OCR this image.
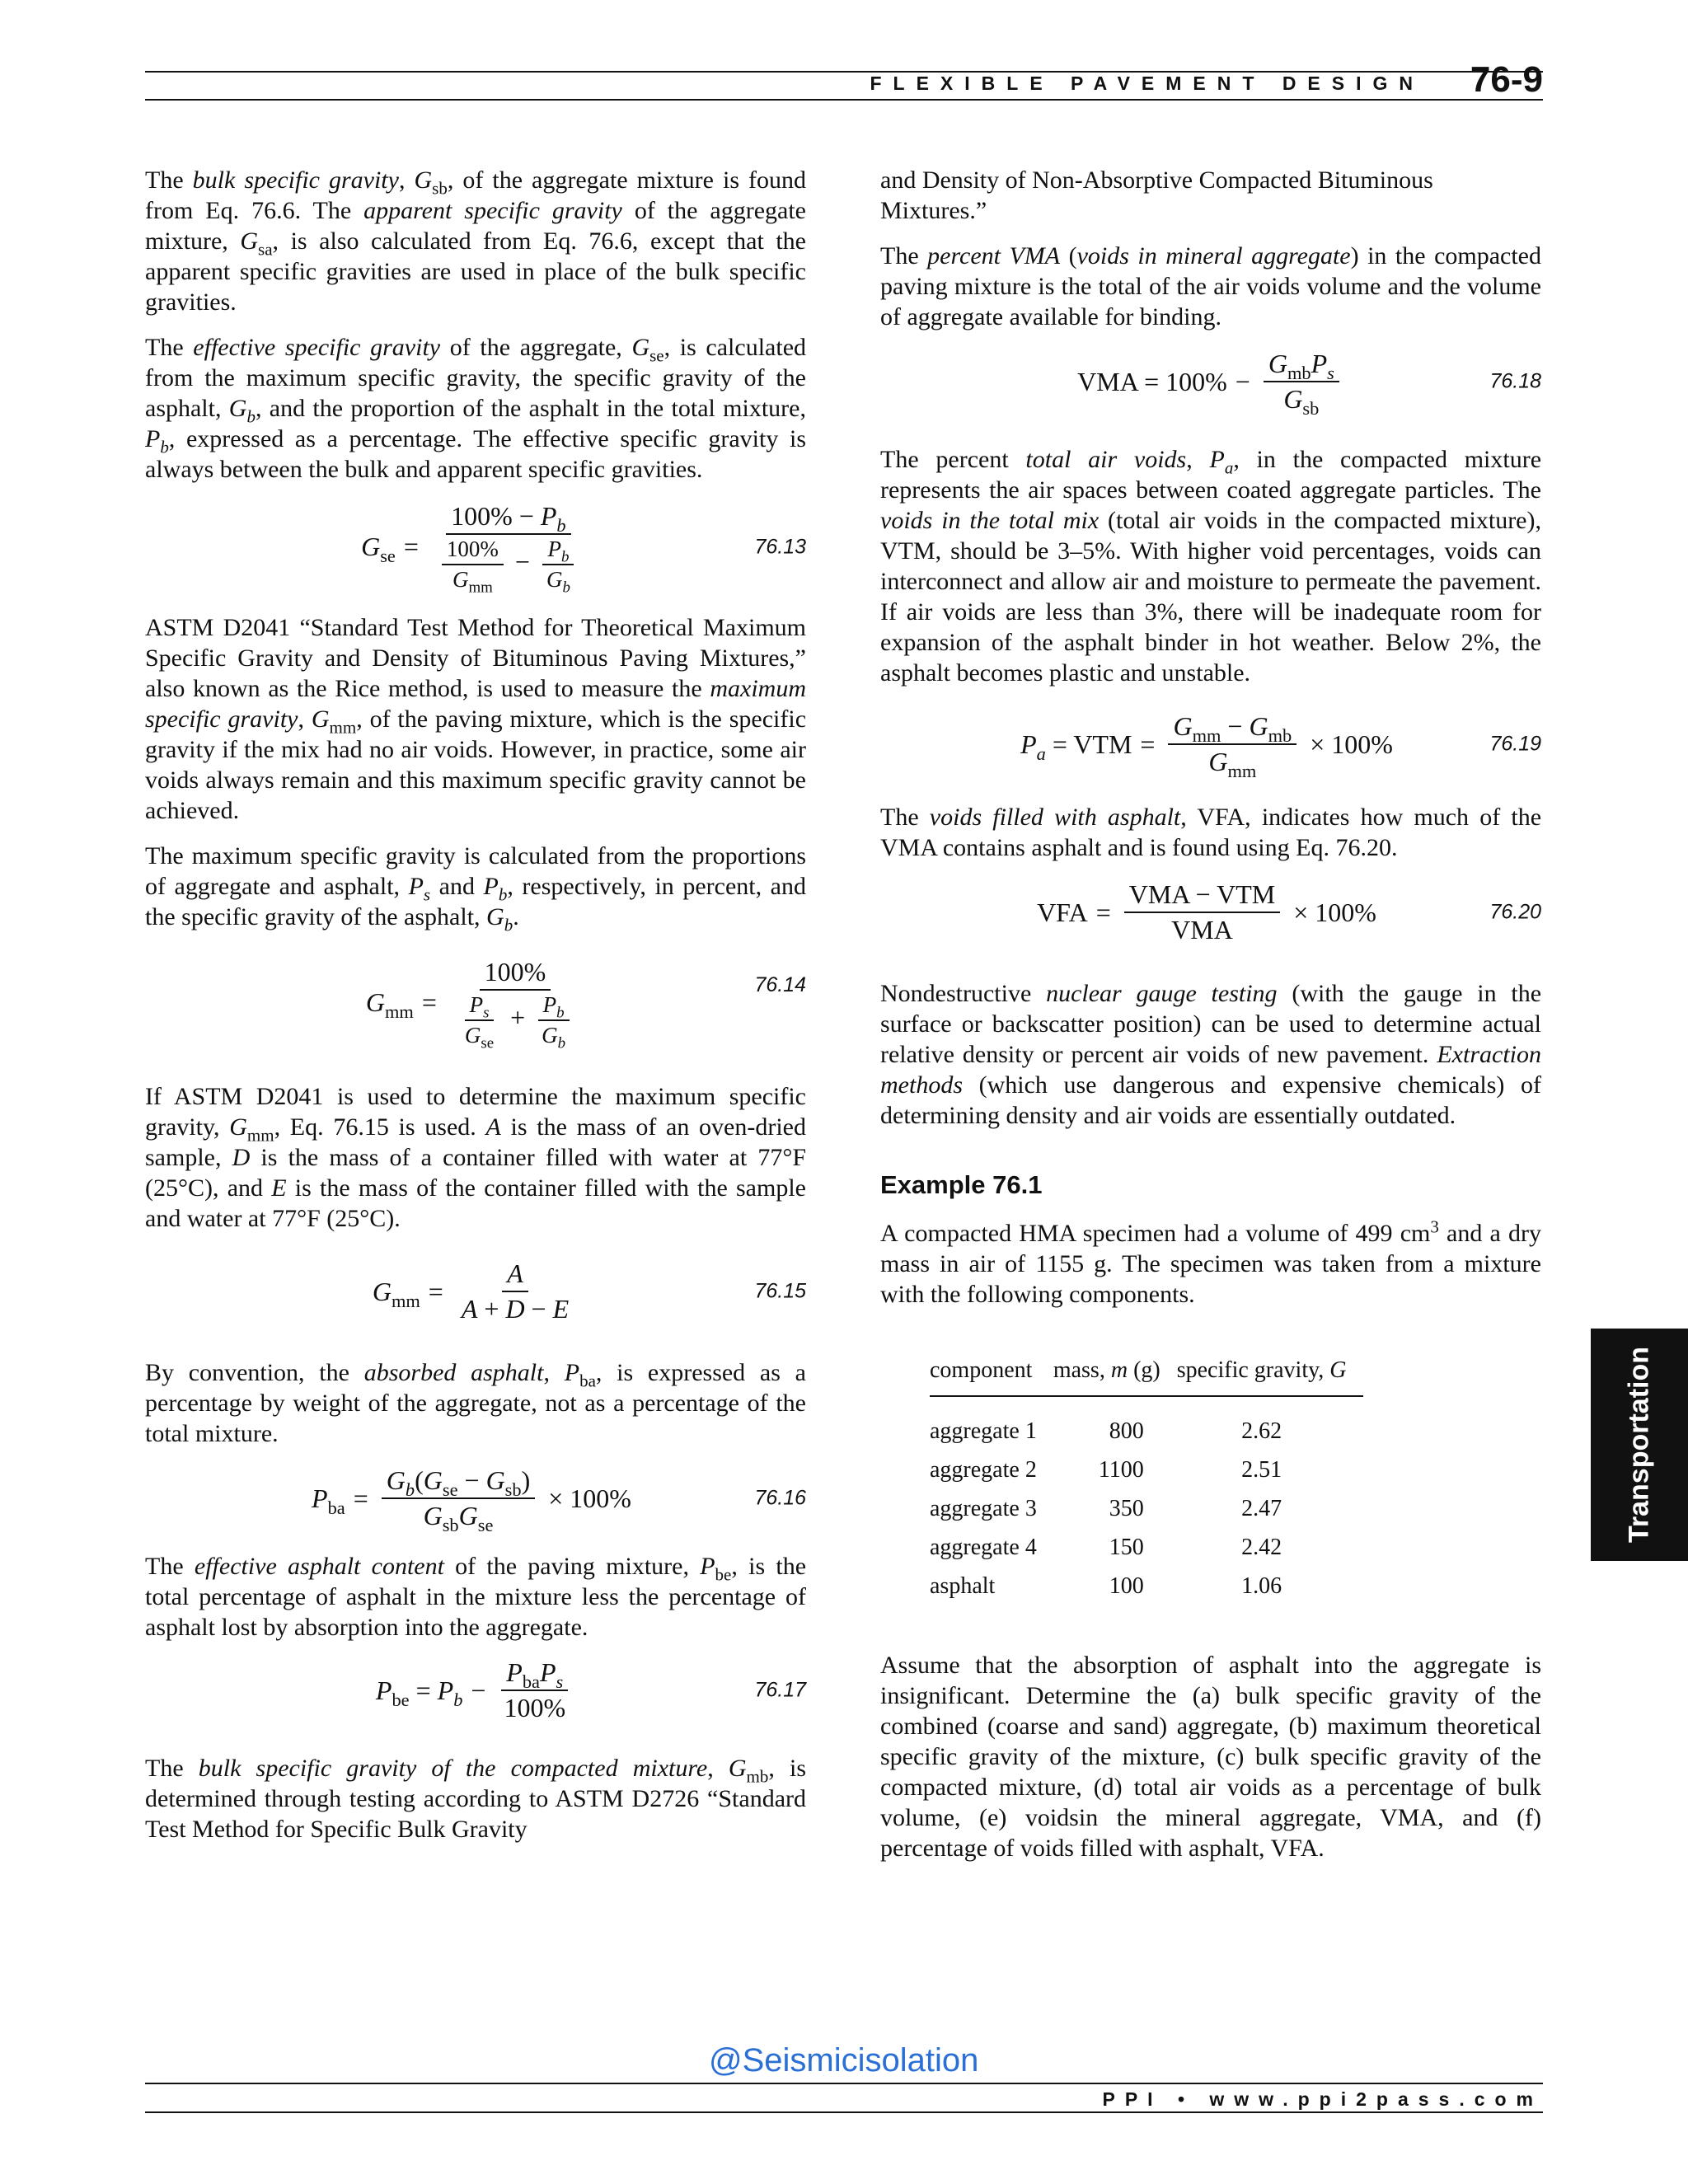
FLEXIBLE PAVEMENT DESIGN 76-9

The bulk specific gravity, $G_{sb}$, of the aggregate mixture is found from Eq. 76.6. The apparent specific gravity of the aggregate mixture, $G_{sa}$, is also calculated from Eq. 76.6, except that the apparent specific gravities are used in place of the bulk specific gravities.

The effective specific gravity of the aggregate, $G_{se}$, is calculated from the maximum specific gravity, the specific gravity of the asphalt, $G_b$, and the proportion of the asphalt in the total mixture, $P_b$, expressed as a percentage. The effective specific gravity is always between the bulk and apparent specific gravities.

$G_{se} = \frac{100\% - P_b}{\frac{100\%}{G_{mm}} - \frac{P_b}{G_b}}$	76.13

ASTM D2041 “Standard Test Method for Theoretical Maximum Specific Gravity and Density of Bituminous Paving Mixtures,” also known as the Rice method, is used to measure the maximum specific gravity, $G_{mm}$, of the paving mixture, which is the specific gravity if the mix had no air voids. However, in practice, some air voids always remain and this maximum specific gravity cannot be achieved.

The maximum specific gravity is calculated from the proportions of aggregate and asphalt, $P_s$ and $P_b$, respectively, in percent, and the specific gravity of the asphalt, $G_b$.

$G_{mm} = \frac{100\%}{\frac{P_s}{G_{se}} + \frac{P_b}{G_b}}$	76.14

If ASTM D2041 is used to determine the maximum specific gravity, $G_{mm}$, Eq. 76.15 is used. A is the mass of an oven-dried sample, D is the mass of a container filled with water at 77°F (25°C), and E is the mass of the container filled with the sample and water at 77°F (25°C).

$G_{mm} = \frac{A}{A + D - E}$	76.15

By convention, the absorbed asphalt, $P_{ba}$, is expressed as a percentage by weight of the aggregate, not as a percentage of the total mixture.

$P_{ba} = \frac{G_b(G_{se} - G_{sb})}{G_{sb}G_{se}} \times 100\%$	76.16

The effective asphalt content of the paving mixture, $P_{be}$, is the total percentage of asphalt in the mixture less the percentage of asphalt lost by absorption into the aggregate.

$P_{be} = P_b - \frac{P_{ba}P_s}{100\%}$	76.17

The bulk specific gravity of the compacted mixture, $G_{mb}$, is determined through testing according to ASTM D2726 “Standard Test Method for Specific Bulk Gravity

and Density of Non-Absorptive Compacted Bituminous Mixtures.”

The percent VMA (voids in mineral aggregate) in the compacted paving mixture is the total of the air voids volume and the volume of aggregate available for binding.

VMA = $100\% - \frac{G_{mb}P_s}{G_{sb}}$	76.18

The percent total air voids, $P_a$, in the compacted mixture represents the air spaces between coated aggregate particles. The voids in the total mix (total air voids in the compacted mixture), VTM, should be 3–5%. With higher void percentages, voids can interconnect and allow air and moisture to permeate the pavement. If air voids are less than 3%, there will be inadequate room for expansion of the asphalt binder in hot weather. Below 2%, the asphalt becomes plastic and unstable.

$P_a$ = VTM = $\frac{G_{mm} - G_{mb}}{G_{mm}} \times 100\%$	76.19

The voids filled with asphalt, VFA, indicates how much of the VMA contains asphalt and is found using Eq. 76.20.

VFA = $\frac{\text{VMA − VTM}}{\text{VMA}} \times 100\%$	76.20

Nondestructive nuclear gauge testing (with the gauge in the surface or backscatter position) can be used to determine actual relative density or percent air voids of new pavement. Extraction methods (which use dangerous and expensive chemicals) of determining density and air voids are essentially outdated.

Example 76.1

A compacted HMA specimen had a volume of 499 $cm^3$ and a dry mass in air of 1155 g. The specimen was taken from a mixture with the following components.

component	mass, m (g)	specific gravity, G
aggregate 1	800	2.62
aggregate 2	1100	2.51
aggregate 3	350	2.47
aggregate 4	150	2.42
asphalt	100	1.06

Assume that the absorption of asphalt into the aggregate is insignificant. Determine the (a) bulk specific gravity of the combined (coarse and sand) aggregate, (b) maximum theoretical specific gravity of the mixture, (c) bulk specific gravity of the compacted mixture, (d) total air voids as a percentage of bulk volume, (e) voidsin the mineral aggregate, VMA, and (f) percentage of voids filled with asphalt, VFA.

Transportation
@Seismicisolation
PPI • www.ppi2pass.com
